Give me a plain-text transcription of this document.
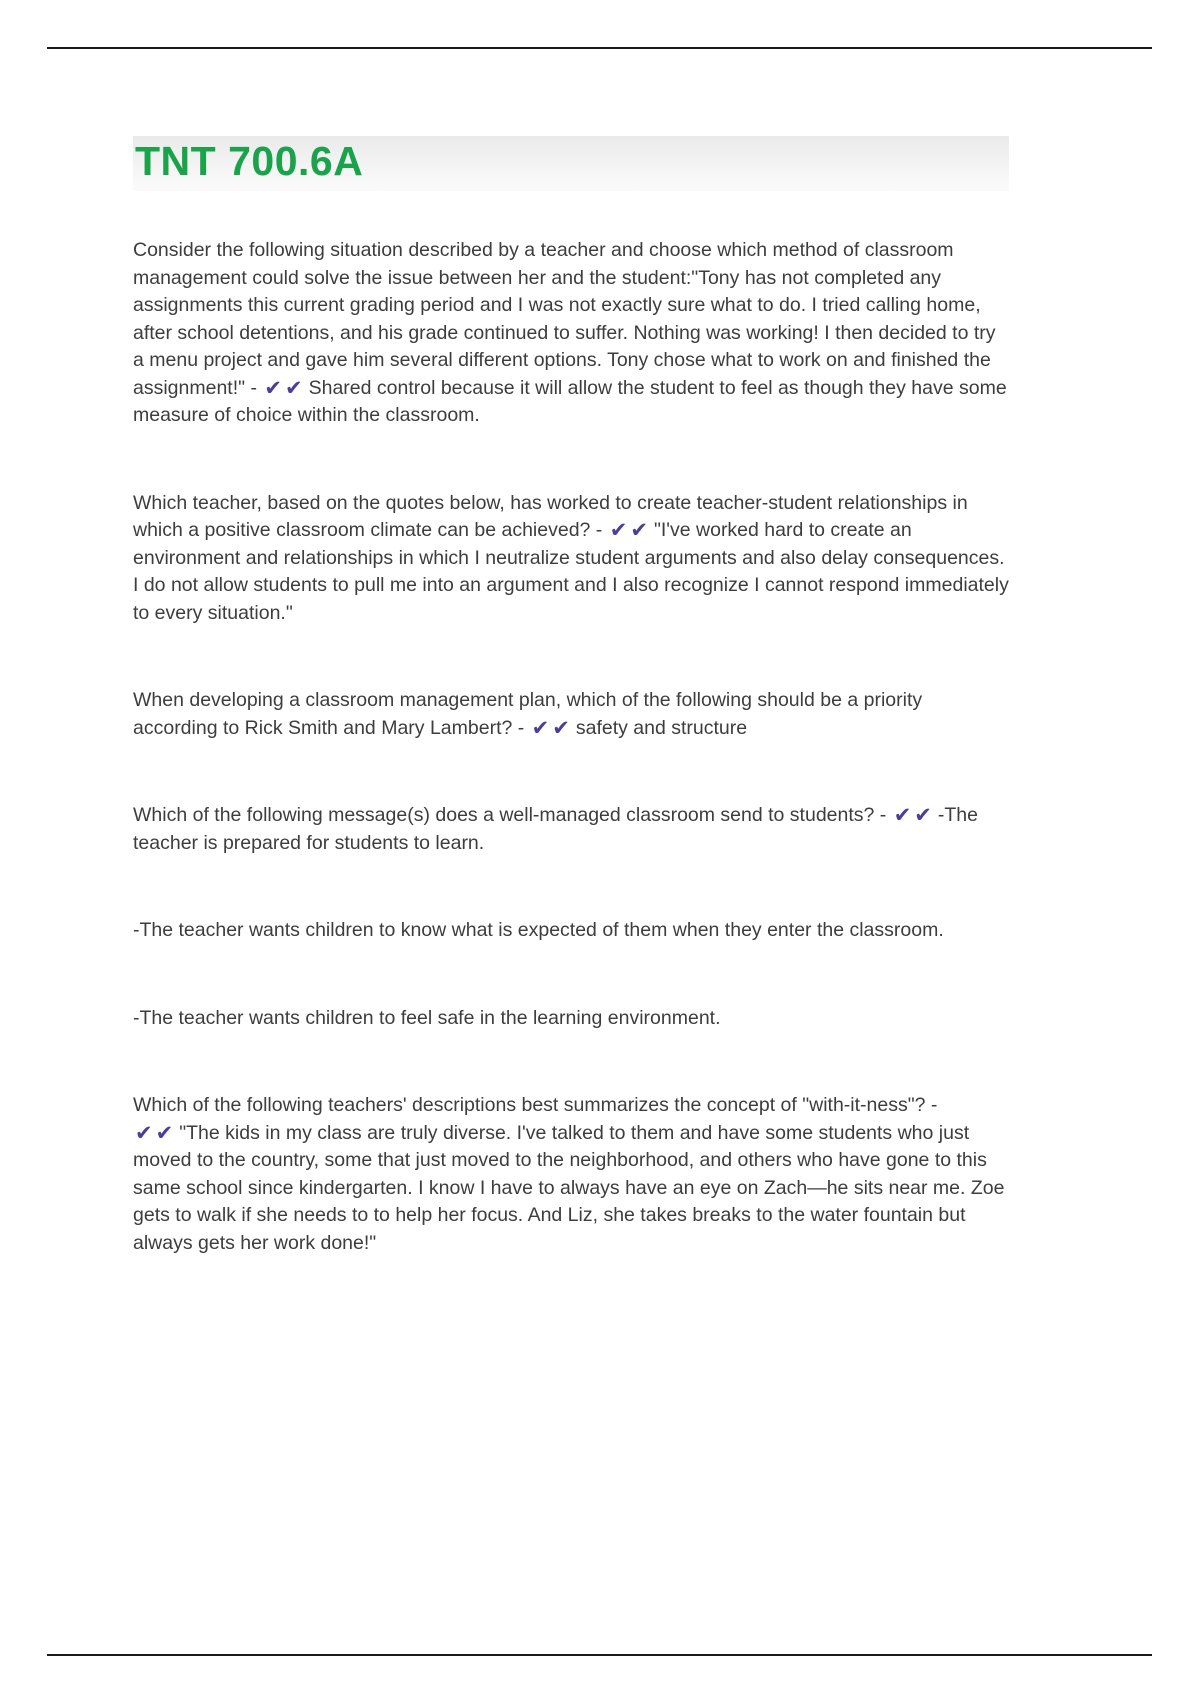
TNT 700.6A

Consider the following situation described by a teacher and choose which method of classroom management could solve the issue between her and the student:"Tony has not completed any assignments this current grading period and I was not exactly sure what to do. I tried calling home, after school detentions, and his grade continued to suffer. Nothing was working! I then decided to try a menu project and gave him several different options. Tony chose what to work on and finished the assignment!" - ✔✔ Shared control because it will allow the student to feel as though they have some measure of choice within the classroom.

Which teacher, based on the quotes below, has worked to create teacher-student relationships in which a positive classroom climate can be achieved? - ✔✔ "I've worked hard to create an environment and relationships in which I neutralize student arguments and also delay consequences. I do not allow students to pull me into an argument and I also recognize I cannot respond immediately to every situation."

When developing a classroom management plan, which of the following should be a priority according to Rick Smith and Mary Lambert? - ✔✔ safety and structure

Which of the following message(s) does a well-managed classroom send to students? - ✔✔ -The teacher is prepared for students to learn.

-The teacher wants children to know what is expected of them when they enter the classroom.

-The teacher wants children to feel safe in the learning environment.

Which of the following teachers' descriptions best summarizes the concept of "with-it-ness"? - ✔✔ "The kids in my class are truly diverse. I've talked to them and have some students who just moved to the country, some that just moved to the neighborhood, and others who have gone to this same school since kindergarten. I know I have to always have an eye on Zach—he sits near me. Zoe gets to walk if she needs to to help her focus. And Liz, she takes breaks to the water fountain but always gets her work done!"
